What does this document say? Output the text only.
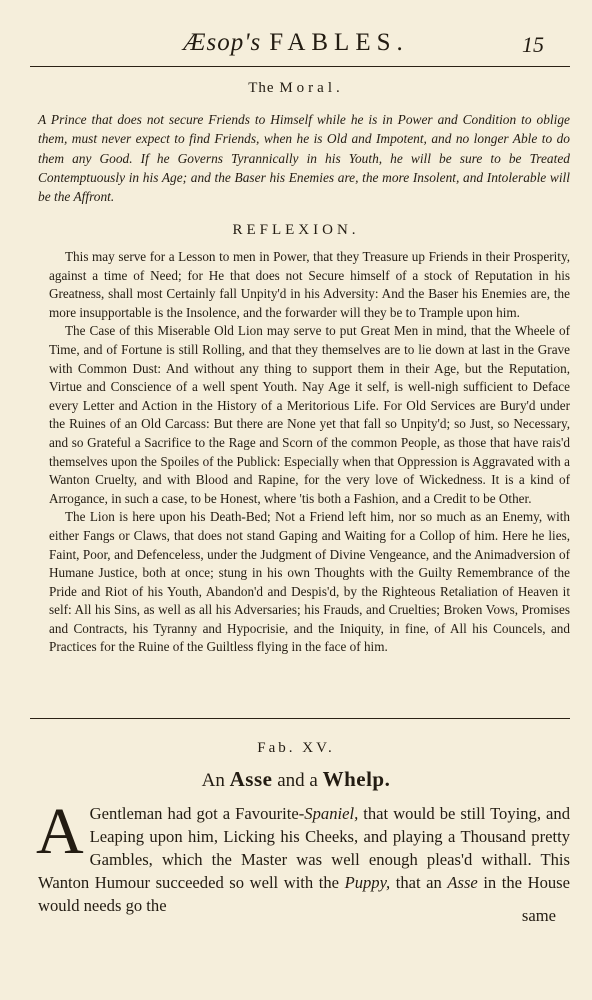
Æsop's FABLES.	15
The Moral.
A Prince that does not secure Friends to Himself while he is in Power and Condition to oblige them, must never expect to find Friends, when he is Old and Impotent, and no longer Able to do them any Good. If he Governs Tyrannically in his Youth, he will be sure to be Treated Contemptuously in his Age; and the Baser his Enemies are, the more Insolent, and Intolerable will be the Affront.
REFLEXION.

This may serve for a Lesson to men in Power, that they Treasure up Friends in their Prosperity, against a time of Need; for He that does not Secure himself of a stock of Reputation in his Greatness, shall most Certainly fall Unpity'd in his Adversity: And the Baser his Enemies are, the more insupportable is the Insolence, and the forwarder will they be to Trample upon him.

The Case of this Miserable Old Lion may serve to put Great Men in mind, that the Wheele of Time, and of Fortune is still Rolling, and that they themselves are to lie down at last in the Grave with Common Dust: And without any thing to support them in their Age, but the Reputation, Virtue and Conscience of a well spent Youth. Nay Age it self, is well-nigh sufficient to Deface every Letter and Action in the History of a Meritorious Life. For Old Services are Bury'd under the Ruines of an Old Carcass: But there are None yet that fall so Unpity'd; so Just, so Necessary, and so Grateful a Sacrifice to the Rage and Scorn of the common People, as those that have rais'd themselves upon the Spoiles of the Publick: Especially when that Oppression is Aggravated with a Wanton Cruelty, and with Blood and Rapine, for the very love of Wickedness. It is a kind of Arrogance, in such a case, to be Honest, where 'tis both a Fashion, and a Credit to be Other.

The Lion is here upon his Death-Bed; Not a Friend left him, nor so much as an Enemy, with either Fangs or Claws, that does not stand Gaping and Waiting for a Collop of him. Here he lies, Faint, Poor, and Defenceless, under the Judgment of Divine Vengeance, and the Animadversion of Humane Justice, both at once; stung in his own Thoughts with the Guilty Remembrance of the Pride and Riot of his Youth, Abandon'd and Despis'd, by the Righteous Retaliation of Heaven it self: All his Sins, as well as all his Adversaries; his Frauds, and Cruelties; Broken Vows, Promises and Contracts, his Tyranny and Hypocrisie, and the Iniquity, in fine, of All his Councels, and Practices for the Ruine of the Guiltless flying in the face of him.

Fab. XV.
An Asse and a Whelp.
A Gentleman had got a Favourite-Spaniel, that would be still Toying, and Leaping upon him, Licking his Cheeks, and playing a Thousand pretty Gambles, which the Master was well enough pleas'd withall. This Wanton Humour succeeded so well with the Puppy, that an Asse in the House would needs go the

same
